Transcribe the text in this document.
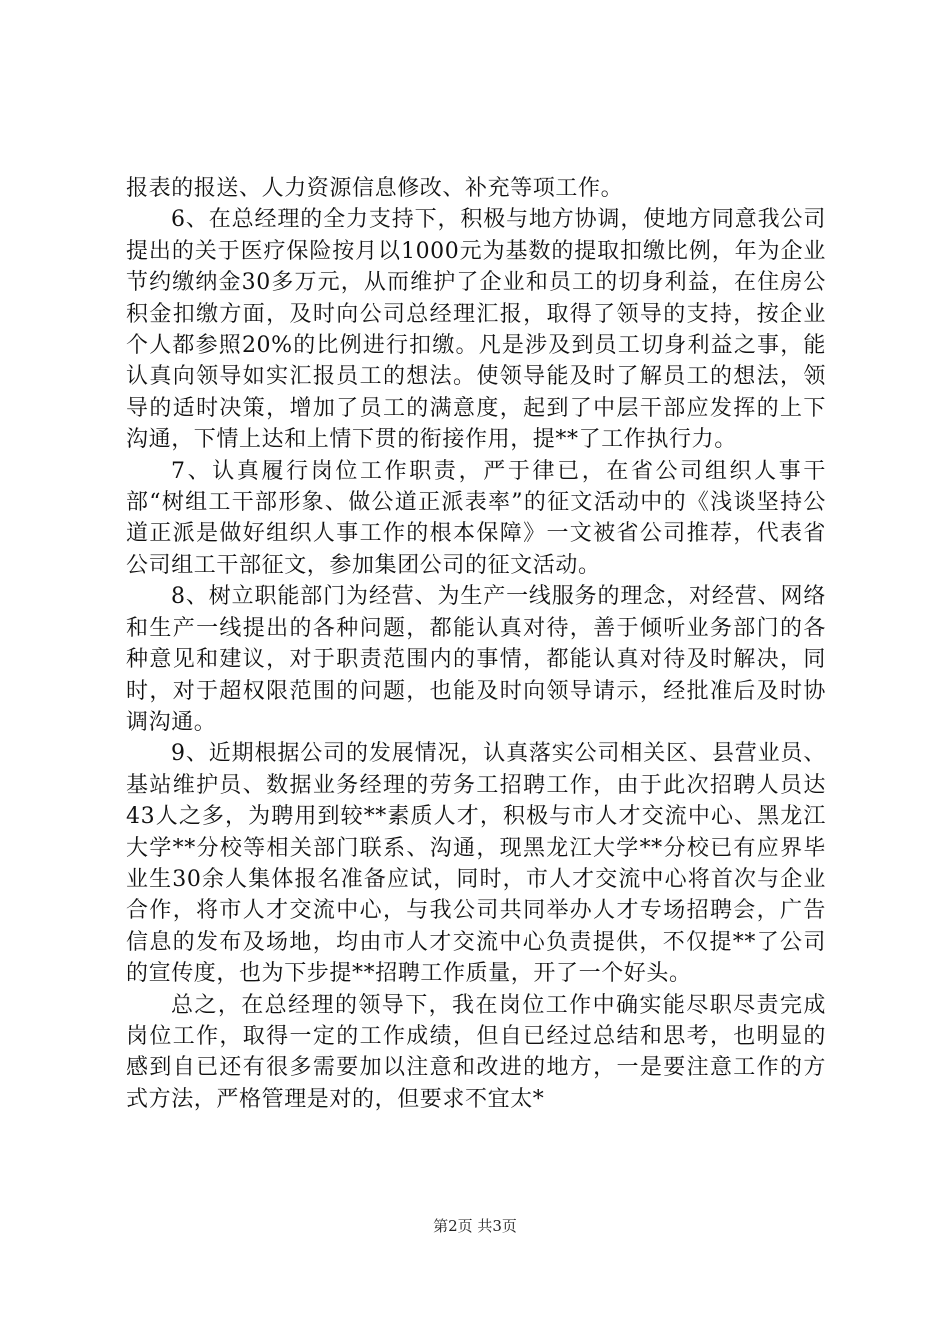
报表的报送、人力资源信息修改、补充等项工作。

6、在总经理的全力支持下，积极与地方协调，使地方同意我公司提出的关于医疗保险按月以1000元为基数的提取扣缴比例，年为企业节约缴纳金30多万元，从而维护了企业和员工的切身利益，在住房公积金扣缴方面，及时向公司总经理汇报，取得了领导的支持，按企业个人都参照20%的比例进行扣缴。凡是涉及到员工切身利益之事，能认真向领导如实汇报员工的想法。使领导能及时了解员工的想法，领导的适时决策，增加了员工的满意度，起到了中层干部应发挥的上下沟通，下情上达和上情下贯的衔接作用，提**了工作执行力。

7、认真履行岗位工作职责，严于律已，在省公司组织人事干部“树组工干部形象、做公道正派表率”的征文活动中的《浅谈坚持公道正派是做好组织人事工作的根本保障》一文被省公司推荐，代表省公司组工干部征文，参加集团公司的征文活动。

8、树立职能部门为经营、为生产一线服务的理念，对经营、网络和生产一线提出的各种问题，都能认真对待，善于倾听业务部门的各种意见和建议，对于职责范围内的事情，都能认真对待及时解决，同时，对于超权限范围的问题，也能及时向领导请示，经批准后及时协调沟通。

9、近期根据公司的发展情况，认真落实公司相关区、县营业员、基站维护员、数据业务经理的劳务工招聘工作，由于此次招聘人员达43人之多，为聘用到较**素质人才，积极与市人才交流中心、黑龙江大学**分校等相关部门联系、沟通，现黑龙江大学**分校已有应界毕业生30余人集体报名准备应试，同时，市人才交流中心将首次与企业合作，将市人才交流中心，与我公司共同举办人才专场招聘会，广告信息的发布及场地，均由市人才交流中心负责提供，不仅提**了公司的宣传度，也为下步提**招聘工作质量，开了一个好头。

总之，在总经理的领导下，我在岗位工作中确实能尽职尽责完成岗位工作，取得一定的工作成绩，但自已经过总结和思考，也明显的感到自已还有很多需要加以注意和改进的地方，一是要注意工作的方式方法，严格管理是对的，但要求不宜太*

第2页 共3页
